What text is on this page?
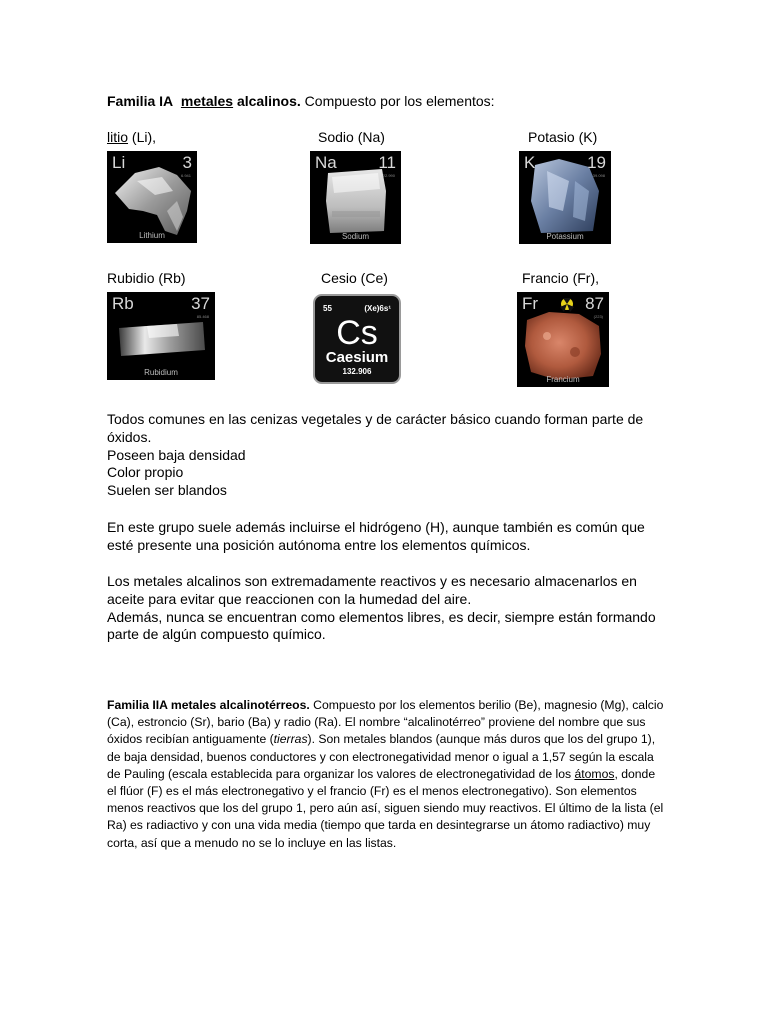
Familia IA metales alcalinos. Compuesto por los elementos:
litio (Li),	Sodio (Na)	Potasio (K)
Li	3
6.941
Lithium
Na 11
22.990
Sodium
K	19
39.098
Potassium
Rubidio (Rb)	Cesio (Ce)	Francio (Fr),
Rb	37
85.468
Rubidium
55	(Xe)6s¹
Cs
Caesium
132.906
Fr	87
(223)
Francium

Todos comunes en las cenizas vegetales y de carácter básico cuando forman parte de óxidos.

Poseen baja densidad

Color propio

Suelen ser blandos

En este grupo suele además incluirse el hidrógeno (H), aunque también es común que esté presente una posición autónoma entre los elementos químicos.

Los metales alcalinos son extremadamente reactivos y es necesario almacenarlos en aceite para evitar que reaccionen con la humedad del aire.

Además, nunca se encuentran como elementos libres, es decir, siempre están formando parte de algún compuesto químico.

Familia IIA metales alcalinotérreos. Compuesto por los elementos berilio (Be), magnesio (Mg), calcio (Ca), estroncio (Sr), bario (Ba) y radio (Ra). El nombre “alcalinotérreo” proviene del nombre que sus óxidos recibían antiguamente (tierras). Son metales blandos (aunque más duros que los del grupo 1), de baja densidad, buenos conductores y con electronegatividad menor o igual a 1,57 según la escala de Pauling (escala establecida para organizar los valores de electronegatividad de los átomos, donde el flúor (F) es el más electronegativo y el francio (Fr) es el menos electronegativo). Son elementos menos reactivos que los del grupo 1, pero aún así, siguen siendo muy reactivos. El último de la lista (el Ra) es radiactivo y con una vida media (tiempo que tarda en desintegrarse un átomo radiactivo) muy corta, así que a menudo no se lo incluye en las listas.
